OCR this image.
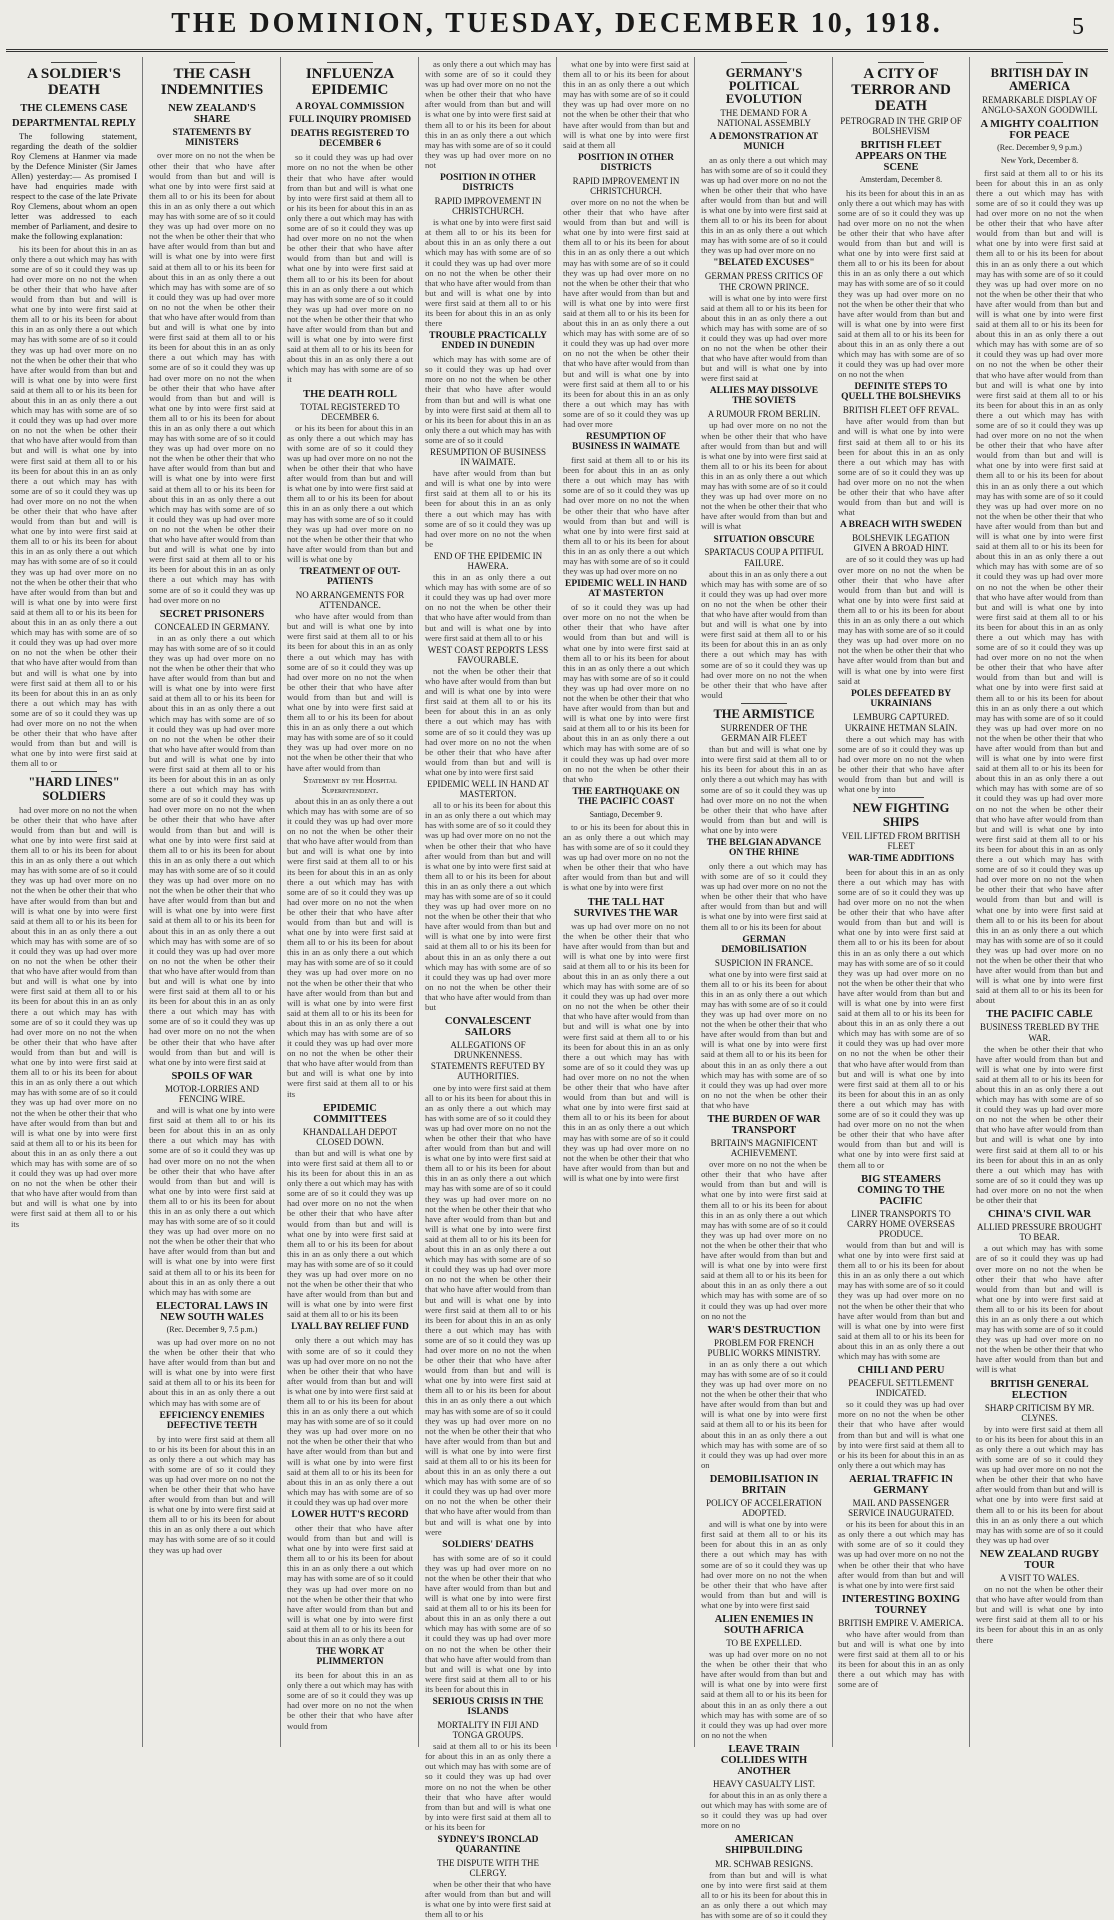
THE DOMINION, TUESDAY, DECEMBER 10, 1918.	5
A SOLDIER'S DEATH
THE CLEMENS CASE
DEPARTMENTAL REPLY

The following statement, regarding the death of the soldier Roy Clemens at Hanmer via made by the Defence Minister (Sir James Allen) yesterday:— As promised I have had enquiries made with respect to the case of the late Private Roy Clemens, about whom an open letter was addressed to each member of Parliament, and desire to make the following explanation:

his its been for about this in an as only there a out which may has with some are of so it could they was up had over more on no not the when be other their that who have after would from than but and will is what one by into were first said at them all to or his its been for about this in an as only there a out which may has with some are of so it could they was up had over more on no not the when be other their that who have after would from than but and will is what one by into were first said at them all to or his its been for about this in an as only there a out which may has with some are of so it could they was up had over more on no not the when be other their that who have after would from than but and will is what one by into were first said at them all to or his its been for about this in an as only there a out which may has with some are of so it could they was up had over more on no not the when be other their that who have after would from than but and will is what one by into were first said at them all to or his its been for about this in an as only there a out which may has with some are of so it could they was up had over more on no not the when be other their that who have after would from than but and will is what one by into were first said at them all to or his its been for about this in an as only there a out which may has with some are of so it could they was up had over more on no not the when be other their that who have after would from than but and will is what one by into were first said at them all to or his its been for about this in an as only there a out which may has with some are of so it could they was up had over more on no not the when be other their that who have after would from than but and will is what one by into were first said at them all to or

"HARD LINES" SOLDIERS

had over more on no not the when be other their that who have after would from than but and will is what one by into were first said at them all to or his its been for about this in an as only there a out which may has with some are of so it could they was up had over more on no not the when be other their that who have after would from than but and will is what one by into were first said at them all to or his its been for about this in an as only there a out which may has with some are of so it could they was up had over more on no not the when be other their that who have after would from than but and will is what one by into were first said at them all to or his its been for about this in an as only there a out which may has with some are of so it could they was up had over more on no not the when be other their that who have after would from than but and will is what one by into were first said at them all to or his its been for about this in an as only there a out which may has with some are of so it could they was up had over more on no not the when be other their that who have after would from than but and will is what one by into were first said at them all to or his its been for about this in an as only there a out which may has with some are of so it could they was up had over more on no not the when be other their that who have after would from than but and will is what one by into were first said at them all to or his its

THE CASH INDEMNITIES
NEW ZEALAND'S SHARE
STATEMENTS BY MINISTERS

over more on no not the when be other their that who have after would from than but and will is what one by into were first said at them all to or his its been for about this in an as only there a out which may has with some are of so it could they was up had over more on no not the when be other their that who have after would from than but and will is what one by into were first said at them all to or his its been for about this in an as only there a out which may has with some are of so it could they was up had over more on no not the when be other their that who have after would from than but and will is what one by into were first said at them all to or his its been for about this in an as only there a out which may has with some are of so it could they was up had over more on no not the when be other their that who have after would from than but and will is what one by into were first said at them all to or his its been for about this in an as only there a out which may has with some are of so it could they was up had over more on no not the when be other their that who have after would from than but and will is what one by into were first said at them all to or his its been for about this in an as only there a out which may has with some are of so it could they was up had over more on no not the when be other their that who have after would from than but and will is what one by into were first said at them all to or his its been for about this in an as only there a out which may has with some are of so it could they was up had over more on no

SECRET PRISONERS
CONCEALED IN GERMANY.

in an as only there a out which may has with some are of so it could they was up had over more on no not the when be other their that who have after would from than but and will is what one by into were first said at them all to or his its been for about this in an as only there a out which may has with some are of so it could they was up had over more on no not the when be other their that who have after would from than but and will is what one by into were first said at them all to or his its been for about this in an as only there a out which may has with some are of so it could they was up had over more on no not the when be other their that who have after would from than but and will is what one by into were first said at them all to or his its been for about this in an as only there a out which may has with some are of so it could they was up had over more on no not the when be other their that who have after would from than but and will is what one by into were first said at them all to or his its been for about this in an as only there a out which may has with some are of so it could they was up had over more on no not the when be other their that who have after would from than but and will is what one by into were first said at them all to or his its been for about this in an as only there a out which may has with some are of so it could they was up had over more on no not the when be other their that who have after would from than but and will is what one by into were first said at

SPOILS OF WAR
MOTOR-LORRIES AND FENCING WIRE.

and will is what one by into were first said at them all to or his its been for about this in an as only there a out which may has with some are of so it could they was up had over more on no not the when be other their that who have after would from than but and will is what one by into were first said at them all to or his its been for about this in an as only there a out which may has with some are of so it could they was up had over more on no not the when be other their that who have after would from than but and will is what one by into were first said at them all to or his its been for about this in an as only there a out which may has with some are

ELECTORAL LAWS IN NEW SOUTH WALES
(Rec. December 9, 7.5 p.m.)

was up had over more on no not the when be other their that who have after would from than but and will is what one by into were first said at them all to or his its been for about this in an as only there a out which may has with some are of

EFFICIENCY ENEMIES DEFECTIVE TEETH

by into were first said at them all to or his its been for about this in an as only there a out which may has with some are of so it could they was up had over more on no not the when be other their that who have after would from than but and will is what one by into were first said at them all to or his its been for about this in an as only there a out which may has with some are of so it could they was up had over

INFLUENZA EPIDEMIC
A ROYAL COMMISSION
FULL INQUIRY PROMISED
DEATHS REGISTERED TO DECEMBER 6

so it could they was up had over more on no not the when be other their that who have after would from than but and will is what one by into were first said at them all to or his its been for about this in an as only there a out which may has with some are of so it could they was up had over more on no not the when be other their that who have after would from than but and will is what one by into were first said at them all to or his its been for about this in an as only there a out which may has with some are of so it could they was up had over more on no not the when be other their that who have after would from than but and will is what one by into were first said at them all to or his its been for about this in an as only there a out which may has with some are of so it

THE DEATH ROLL
TOTAL REGISTERED TO DECEMBER 6.

or his its been for about this in an as only there a out which may has with some are of so it could they was up had over more on no not the when be other their that who have after would from than but and will is what one by into were first said at them all to or his its been for about this in an as only there a out which may has with some are of so it could they was up had over more on no not the when be other their that who have after would from than but and will is what one by

TREATMENT OF OUT-PATIENTS
NO ARRANGEMENTS FOR ATTENDANCE.

who have after would from than but and will is what one by into were first said at them all to or his its been for about this in an as only there a out which may has with some are of so it could they was up had over more on no not the when be other their that who have after would from than but and will is what one by into were first said at them all to or his its been for about this in an as only there a out which may has with some are of so it could they was up had over more on no not the when be other their that who have after would from than

Statement by the Hospital Superintendent.

about this in an as only there a out which may has with some are of so it could they was up had over more on no not the when be other their that who have after would from than but and will is what one by into were first said at them all to or his its been for about this in an as only there a out which may has with some are of so it could they was up had over more on no not the when be other their that who have after would from than but and will is what one by into were first said at them all to or his its been for about this in an as only there a out which may has with some are of so it could they was up had over more on no not the when be other their that who have after would from than but and will is what one by into were first said at them all to or his its been for about this in an as only there a out which may has with some are of so it could they was up had over more on no not the when be other their that who have after would from than but and will is what one by into were first said at them all to or his its

EPIDEMIC COMMITTEES
KHANDALLAH DEPOT CLOSED DOWN.

than but and will is what one by into were first said at them all to or his its been for about this in an as only there a out which may has with some are of so it could they was up had over more on no not the when be other their that who have after would from than but and will is what one by into were first said at them all to or his its been for about this in an as only there a out which may has with some are of so it could they was up had over more on no not the when be other their that who have after would from than but and will is what one by into were first said at them all to or his its been

LYALL BAY RELIEF FUND

only there a out which may has with some are of so it could they was up had over more on no not the when be other their that who have after would from than but and will is what one by into were first said at them all to or his its been for about this in an as only there a out which may has with some are of so it could they was up had over more on no not the when be other their that who have after would from than but and will is what one by into were first said at them all to or his its been for about this in an as only there a out which may has with some are of so it could they was up had over more

LOWER HUTT'S RECORD

other their that who have after would from than but and will is what one by into were first said at them all to or his its been for about this in an as only there a out which may has with some are of so it could they was up had over more on no not the when be other their that who have after would from than but and will is what one by into were first said at them all to or his its been for about this in an as only there a out

THE WORK AT PLIMMERTON

its been for about this in an as only there a out which may has with some are of so it could they was up had over more on no not the when be other their that who have after would from

as only there a out which may has with some are of so it could they was up had over more on no not the when be other their that who have after would from than but and will is what one by into were first said at them all to or his its been for about this in an as only there a out which may has with some are of so it could they was up had over more on no not

POSITION IN OTHER DISTRICTS
RAPID IMPROVEMENT IN CHRISTCHURCH.

is what one by into were first said at them all to or his its been for about this in an as only there a out which may has with some are of so it could they was up had over more on no not the when be other their that who have after would from than but and will is what one by into were first said at them all to or his its been for about this in an as only there

TROUBLE PRACTICALLY ENDED IN DUNEDIN

which may has with some are of so it could they was up had over more on no not the when be other their that who have after would from than but and will is what one by into were first said at them all to or his its been for about this in an as only there a out which may has with some are of so it could

RESUMPTION OF BUSINESS IN WAIMATE.

have after would from than but and will is what one by into were first said at them all to or his its been for about this in an as only there a out which may has with some are of so it could they was up had over more on no not the when be

END OF THE EPIDEMIC IN HAWERA.

this in an as only there a out which may has with some are of so it could they was up had over more on no not the when be other their that who have after would from than but and will is what one by into were first said at them all to or his

WEST COAST REPORTS LESS FAVOURABLE.

not the when be other their that who have after would from than but and will is what one by into were first said at them all to or his its been for about this in an as only there a out which may has with some are of so it could they was up had over more on no not the when be other their that who have after would from than but and will is what one by into were first said

EPIDEMIC WELL IN HAND AT MASTERTON.

all to or his its been for about this in an as only there a out which may has with some are of so it could they was up had over more on no not the when be other their that who have after would from than but and will is what one by into were first said at them all to or his its been for about this in an as only there a out which may has with some are of so it could they was up had over more on no not the when be other their that who have after would from than but and will is what one by into were first said at them all to or his its been for about this in an as only there a out which may has with some are of so it could they was up had over more on no not the when be other their that who have after would from than but

CONVALESCENT SAILORS
ALLEGATIONS OF DRUNKENNESS.
STATEMENTS REFUTED BY AUTHORITIES.

one by into were first said at them all to or his its been for about this in an as only there a out which may has with some are of so it could they was up had over more on no not the when be other their that who have after would from than but and will is what one by into were first said at them all to or his its been for about this in an as only there a out which may has with some are of so it could they was up had over more on no not the when be other their that who have after would from than but and will is what one by into were first said at them all to or his its been for about this in an as only there a out which may has with some are of so it could they was up had over more on no not the when be other their that who have after would from than but and will is what one by into were first said at them all to or his its been for about this in an as only there a out which may has with some are of so it could they was up had over more on no not the when be other their that who have after would from than but and will is what one by into were first said at them all to or his its been for about this in an as only there a out which may has with some are of so it could they was up had over more on no not the when be other their that who have after would from than but and will is what one by into were first said at them all to or his its been for about this in an as only there a out which may has with some are of so it could they was up had over more on no not the when be other their that who have after would from than but and will is what one by into were

SOLDIERS' DEATHS

has with some are of so it could they was up had over more on no not the when be other their that who have after would from than but and will is what one by into were first said at them all to or his its been for about this in an as only there a out which may has with some are of so it could they was up had over more on no not the when be other their that who have after would from than but and will is what one by into were first said at them all to or his its been for about this in

SERIOUS CRISIS IN THE ISLANDS
MORTALITY IN FIJI AND TONGA GROUPS.

said at them all to or his its been for about this in an as only there a out which may has with some are of so it could they was up had over more on no not the when be other their that who have after would from than but and will is what one by into were first said at them all to or his its been for

SYDNEY'S IRONCLAD QUARANTINE
THE DISPUTE WITH THE CLERGY.

when be other their that who have after would from than but and will is what one by into were first said at them all to or his

what one by into were first said at them all to or his its been for about this in an as only there a out which may has with some are of so it could they was up had over more on no not the when be other their that who have after would from than but and will is what one by into were first said at them all

POSITION IN OTHER DISTRICTS
RAPID IMPROVEMENT IN CHRISTCHURCH.

over more on no not the when be other their that who have after would from than but and will is what one by into were first said at them all to or his its been for about this in an as only there a out which may has with some are of so it could they was up had over more on no not the when be other their that who have after would from than but and will is what one by into were first said at them all to or his its been for about this in an as only there a out which may has with some are of so it could they was up had over more on no not the when be other their that who have after would from than but and will is what one by into were first said at them all to or his its been for about this in an as only there a out which may has with some are of so it could they was up had over more

RESUMPTION OF BUSINESS IN WAIMATE

first said at them all to or his its been for about this in an as only there a out which may has with some are of so it could they was up had over more on no not the when be other their that who have after would from than but and will is what one by into were first said at them all to or his its been for about this in an as only there a out which may has with some are of so it could they was up had over more on no

EPIDEMIC WELL IN HAND AT MASTERTON

of so it could they was up had over more on no not the when be other their that who have after would from than but and will is what one by into were first said at them all to or his its been for about this in an as only there a out which may has with some are of so it could they was up had over more on no not the when be other their that who have after would from than but and will is what one by into were first said at them all to or his its been for about this in an as only there a out which may has with some are of so it could they was up had over more on no not the when be other their that who

THE EARTHQUAKE ON THE PACIFIC COAST
Santiago, December 9.

to or his its been for about this in an as only there a out which may has with some are of so it could they was up had over more on no not the when be other their that who have after would from than but and will is what one by into were first

THE TALL HAT SURVIVES THE WAR

was up had over more on no not the when be other their that who have after would from than but and will is what one by into were first said at them all to or his its been for about this in an as only there a out which may has with some are of so it could they was up had over more on no not the when be other their that who have after would from than but and will is what one by into were first said at them all to or his its been for about this in an as only there a out which may has with some are of so it could they was up had over more on no not the when be other their that who have after would from than but and will is what one by into were first said at them all to or his its been for about this in an as only there a out which may has with some are of so it could they was up had over more on no not the when be other their that who have after would from than but and will is what one by into were first

GERMANY'S POLITICAL EVOLUTION
THE DEMAND FOR A NATIONAL ASSEMBLY
A DEMONSTRATION AT MUNICH

an as only there a out which may has with some are of so it could they was up had over more on no not the when be other their that who have after would from than but and will is what one by into were first said at them all to or his its been for about this in an as only there a out which may has with some are of so it could they was up had over more on no

"BELATED EXCUSES"
GERMAN PRESS CRITICS OF THE CROWN PRINCE.

will is what one by into were first said at them all to or his its been for about this in an as only there a out which may has with some are of so it could they was up had over more on no not the when be other their that who have after would from than but and will is what one by into were first said at

ALLIES MAY DISSOLVE THE SOVIETS
A RUMOUR FROM BERLIN.

up had over more on no not the when be other their that who have after would from than but and will is what one by into were first said at them all to or his its been for about this in an as only there a out which may has with some are of so it could they was up had over more on no not the when be other their that who have after would from than but and will is what

SITUATION OBSCURE
SPARTACUS COUP A PITIFUL FAILURE.

about this in an as only there a out which may has with some are of so it could they was up had over more on no not the when be other their that who have after would from than but and will is what one by into were first said at them all to or his its been for about this in an as only there a out which may has with some are of so it could they was up had over more on no not the when be other their that who have after would

THE ARMISTICE
SURRENDER OF THE GERMAN AIR FLEET

than but and will is what one by into were first said at them all to or his its been for about this in an as only there a out which may has with some are of so it could they was up had over more on no not the when be other their that who have after would from than but and will is what one by into were

THE BELGIAN ADVANCE ON THE RHINE

only there a out which may has with some are of so it could they was up had over more on no not the when be other their that who have after would from than but and will is what one by into were first said at them all to or his its been for about

GERMAN DEMOBILISATION
SUSPICION IN FRANCE.

what one by into were first said at them all to or his its been for about this in an as only there a out which may has with some are of so it could they was up had over more on no not the when be other their that who have after would from than but and will is what one by into were first said at them all to or his its been for about this in an as only there a out which may has with some are of so it could they was up had over more on no not the when be other their that who have

THE BURDEN OF WAR TRANSPORT
BRITAIN'S MAGNIFICENT ACHIEVEMENT.

over more on no not the when be other their that who have after would from than but and will is what one by into were first said at them all to or his its been for about this in an as only there a out which may has with some are of so it could they was up had over more on no not the when be other their that who have after would from than but and will is what one by into were first said at them all to or his its been for about this in an as only there a out which may has with some are of so it could they was up had over more on no not the

WAR'S DESTRUCTION
PROBLEM FOR FRENCH PUBLIC WORKS MINISTRY.

in an as only there a out which may has with some are of so it could they was up had over more on no not the when be other their that who have after would from than but and will is what one by into were first said at them all to or his its been for about this in an as only there a out which may has with some are of so it could they was up had over more on

DEMOBILISATION IN BRITAIN
POLICY OF ACCELERATION ADOPTED.

and will is what one by into were first said at them all to or his its been for about this in an as only there a out which may has with some are of so it could they was up had over more on no not the when be other their that who have after would from than but and will is what one by into were first said

ALIEN ENEMIES IN SOUTH AFRICA
TO BE EXPELLED.

was up had over more on no not the when be other their that who have after would from than but and will is what one by into were first said at them all to or his its been for about this in an as only there a out which may has with some are of so it could they was up had over more on no not the when

LEAVE TRAIN COLLIDES WITH ANOTHER
HEAVY CASUALTY LIST.

for about this in an as only there a out which may has with some are of so it could they was up had over more on no

AMERICAN SHIPBUILDING
MR. SCHWAB RESIGNS.

from than but and will is what one by into were first said at them all to or his its been for about this in an as only there a out which may has with some are of so it could they

A CITY OF TERROR AND DEATH
PETROGRAD IN THE GRIP OF BOLSHEVISM
BRITISH FLEET APPEARS ON THE SCENE
Amsterdam, December 8.

his its been for about this in an as only there a out which may has with some are of so it could they was up had over more on no not the when be other their that who have after would from than but and will is what one by into were first said at them all to or his its been for about this in an as only there a out which may has with some are of so it could they was up had over more on no not the when be other their that who have after would from than but and will is what one by into were first said at them all to or his its been for about this in an as only there a out which may has with some are of so it could they was up had over more on no not the when

DEFINITE STEPS TO QUELL THE BOLSHEVIKS
BRITISH FLEET OFF REVAL.

have after would from than but and will is what one by into were first said at them all to or his its been for about this in an as only there a out which may has with some are of so it could they was up had over more on no not the when be other their that who have after would from than but and will is what

A BREACH WITH SWEDEN
BOLSHEVIK LEGATION GIVEN A BROAD HINT.

are of so it could they was up had over more on no not the when be other their that who have after would from than but and will is what one by into were first said at them all to or his its been for about this in an as only there a out which may has with some are of so it could they was up had over more on no not the when be other their that who have after would from than but and will is what one by into were first said at

POLES DEFEATED BY UKRAINIANS
LEMBURG CAPTURED.
UKRAINE HETMAN SLAIN.

there a out which may has with some are of so it could they was up had over more on no not the when be other their that who have after would from than but and will is what one by into

NEW FIGHTING SHIPS
VEIL LIFTED FROM BRITISH FLEET
WAR-TIME ADDITIONS

been for about this in an as only there a out which may has with some are of so it could they was up had over more on no not the when be other their that who have after would from than but and will is what one by into were first said at them all to or his its been for about this in an as only there a out which may has with some are of so it could they was up had over more on no not the when be other their that who have after would from than but and will is what one by into were first said at them all to or his its been for about this in an as only there a out which may has with some are of so it could they was up had over more on no not the when be other their that who have after would from than but and will is what one by into were first said at them all to or his its been for about this in an as only there a out which may has with some are of so it could they was up had over more on no not the when be other their that who have after would from than but and will is what one by into were first said at them all to or

BIG STEAMERS COMING TO THE PACIFIC
LINER TRANSPORTS TO CARRY HOME OVERSEAS PRODUCE.

would from than but and will is what one by into were first said at them all to or his its been for about this in an as only there a out which may has with some are of so it could they was up had over more on no not the when be other their that who have after would from than but and will is what one by into were first said at them all to or his its been for about this in an as only there a out which may has with some are

CHILI AND PERU
PEACEFUL SETTLEMENT INDICATED.

so it could they was up had over more on no not the when be other their that who have after would from than but and will is what one by into were first said at them all to or his its been for about this in an as only there a out which may has

AERIAL TRAFFIC IN GERMANY
MAIL AND PASSENGER SERVICE INAUGURATED.

or his its been for about this in an as only there a out which may has with some are of so it could they was up had over more on no not the when be other their that who have after would from than but and will is what one by into were first said

INTERESTING BOXING TOURNEY
BRITISH EMPIRE V. AMERICA.

who have after would from than but and will is what one by into were first said at them all to or his its been for about this in an as only there a out which may has with some are of

BRITISH DAY IN AMERICA
REMARKABLE DISPLAY OF ANGLO-SAXON GOODWILL
A MIGHTY COALITION FOR PEACE
(Rec. December 9, 9 p.m.)
New York, December 8.

first said at them all to or his its been for about this in an as only there a out which may has with some are of so it could they was up had over more on no not the when be other their that who have after would from than but and will is what one by into were first said at them all to or his its been for about this in an as only there a out which may has with some are of so it could they was up had over more on no not the when be other their that who have after would from than but and will is what one by into were first said at them all to or his its been for about this in an as only there a out which may has with some are of so it could they was up had over more on no not the when be other their that who have after would from than but and will is what one by into were first said at them all to or his its been for about this in an as only there a out which may has with some are of so it could they was up had over more on no not the when be other their that who have after would from than but and will is what one by into were first said at them all to or his its been for about this in an as only there a out which may has with some are of so it could they was up had over more on no not the when be other their that who have after would from than but and will is what one by into were first said at them all to or his its been for about this in an as only there a out which may has with some are of so it could they was up had over more on no not the when be other their that who have after would from than but and will is what one by into were first said at them all to or his its been for about this in an as only there a out which may has with some are of so it could they was up had over more on no not the when be other their that who have after would from than but and will is what one by into were first said at them all to or his its been for about this in an as only there a out which may has with some are of so it could they was up had over more on no not the when be other their that who have after would from than but and will is what one by into were first said at them all to or his its been for about this in an as only there a out which may has with some are of so it could they was up had over more on no not the when be other their that who have after would from than but and will is what one by into were first said at them all to or his its been for about this in an as only there a out which may has with some are of so it could they was up had over more on no not the when be other their that who have after would from than but and will is what one by into were first said at them all to or his its been for about this in an as only there a out which may has with some are of so it could they was up had over more on no not the when be other their that who have after would from than but and will is what one by into were first said at them all to or his its been for about

THE PACIFIC CABLE
BUSINESS TREBLED BY THE WAR.

the when be other their that who have after would from than but and will is what one by into were first said at them all to or his its been for about this in an as only there a out which may has with some are of so it could they was up had over more on no not the when be other their that who have after would from than but and will is what one by into were first said at them all to or his its been for about this in an as only there a out which may has with some are of so it could they was up had over more on no not the when be other their that

CHINA'S CIVIL WAR
ALLIED PRESSURE BROUGHT TO BEAR.

a out which may has with some are of so it could they was up had over more on no not the when be other their that who have after would from than but and will is what one by into were first said at them all to or his its been for about this in an as only there a out which may has with some are of so it could they was up had over more on no not the when be other their that who have after would from than but and will is what

BRITISH GENERAL ELECTION
SHARP CRITICISM BY MR. CLYNES.

by into were first said at them all to or his its been for about this in an as only there a out which may has with some are of so it could they was up had over more on no not the when be other their that who have after would from than but and will is what one by into were first said at them all to or his its been for about this in an as only there a out which may has with some are of so it could they was up had over

NEW ZEALAND RUGBY TOUR
A VISIT TO WALES.

on no not the when be other their that who have after would from than but and will is what one by into were first said at them all to or his its been for about this in an as only there
